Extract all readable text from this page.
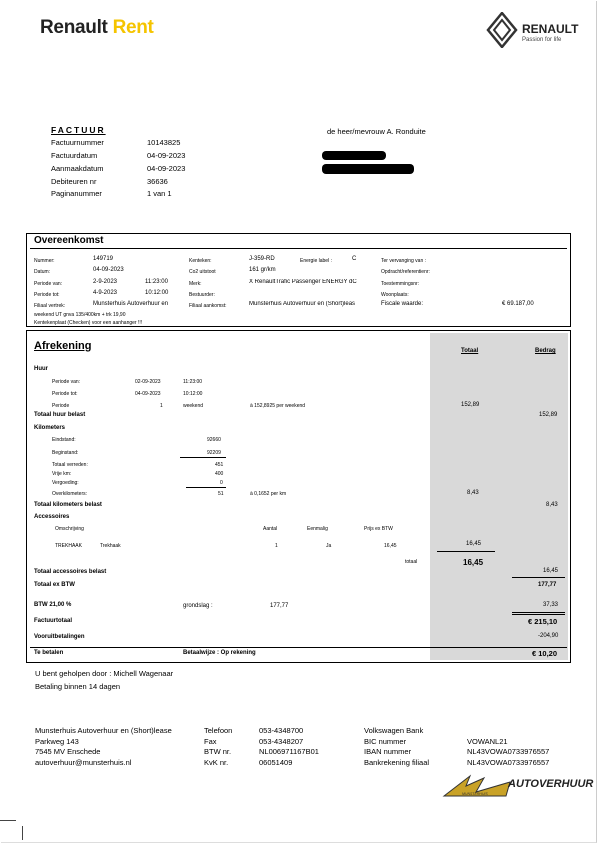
Renault Rent	RENAULT
Passion for life
FACTUUR	de heer/mevrouw A. Ronduite
Factuurnummer	10143825
Factuurdatum	04-09-2023
Aanmaakdatum	04-09-2023
Debiteuren nr	36636
Paginanummer	1 van 1
Overeenkomst
Nummer:	149719
Datum:	04-09-2023
Periode van:	2-9-2023	11:23:00
Periode tot:	4-9-2023	10:12:00
Filiaal vertrek:	Munsterhuis Autoverhuur en
weekend UT gnva 135/400km + trk 19,90
Kentekenplaat (Checken) voor een aanhanger !!!
Kenteken:	J-359-RD
Co2 uitstoot	161 gr/km
Merk:	X RenaultTrafic Passenger ENERGY dC
Bestuurder:
Filiaal aankomst:	Munsterhuis Autoverhuur en (Short)leas
Energie label :	C	Ter vervanging van :
Opdracht/referentienr:
Toestemmingsnr:
Woonplaats:
Fiscale waarde:	€ 69.187,00
Afrekening	Totaal	Bedrag
Huur
Periode van:	02-09-2023	11:23:00
Periode tot:	04-09-2023	10:12:00
Periode	1	weekend	à 152,8925 per weekend	152,89
Totaal huur belast	152,89
Kilometers
Eindstand:	92660
Beginstand:	92209
Totaal verreden:	451
Vrije km:	400
Vergoeding:	0
Overkilometers:	51	à 0,1652 per km	8,43
Totaal kilometers belast	8,43
Accessoires
Omschrijving	Aantal	Eenmalig	Prijs ex BTW
TREKHAAK	Trekhaak	1	Ja	16,45	16,45
totaal	16,45
Totaal accessoires belast	16,45
Totaal ex BTW	177,77
BTW 21,00 %	grondslag :	177,77	37,33
Factuurtotaal	€ 215,10
Vooruitbetalingen	-204,90
Te betalen	Betaalwijze : Op rekening	€ 10,20
U bent geholpen door : Michell Wagenaar
Betaling binnen 14 dagen
Munsterhuis Autoverhuur en (Short)lease
Parkweg 143
7545 MV Enschede
autoverhuur@munsterhuis.nl
Telefoon	053-4348700
Fax	053-4348207
BTW nr.	NL006971167B01
KvK nr.	06051409
Volkswagen Bank
BIC nummer	VOWANL21
IBAN nummer	NL43VOWA0733976557
Bankrekening filiaal	NL43VOWA0733976557
AUTOVERHUUR
MUNSTERHUIS
